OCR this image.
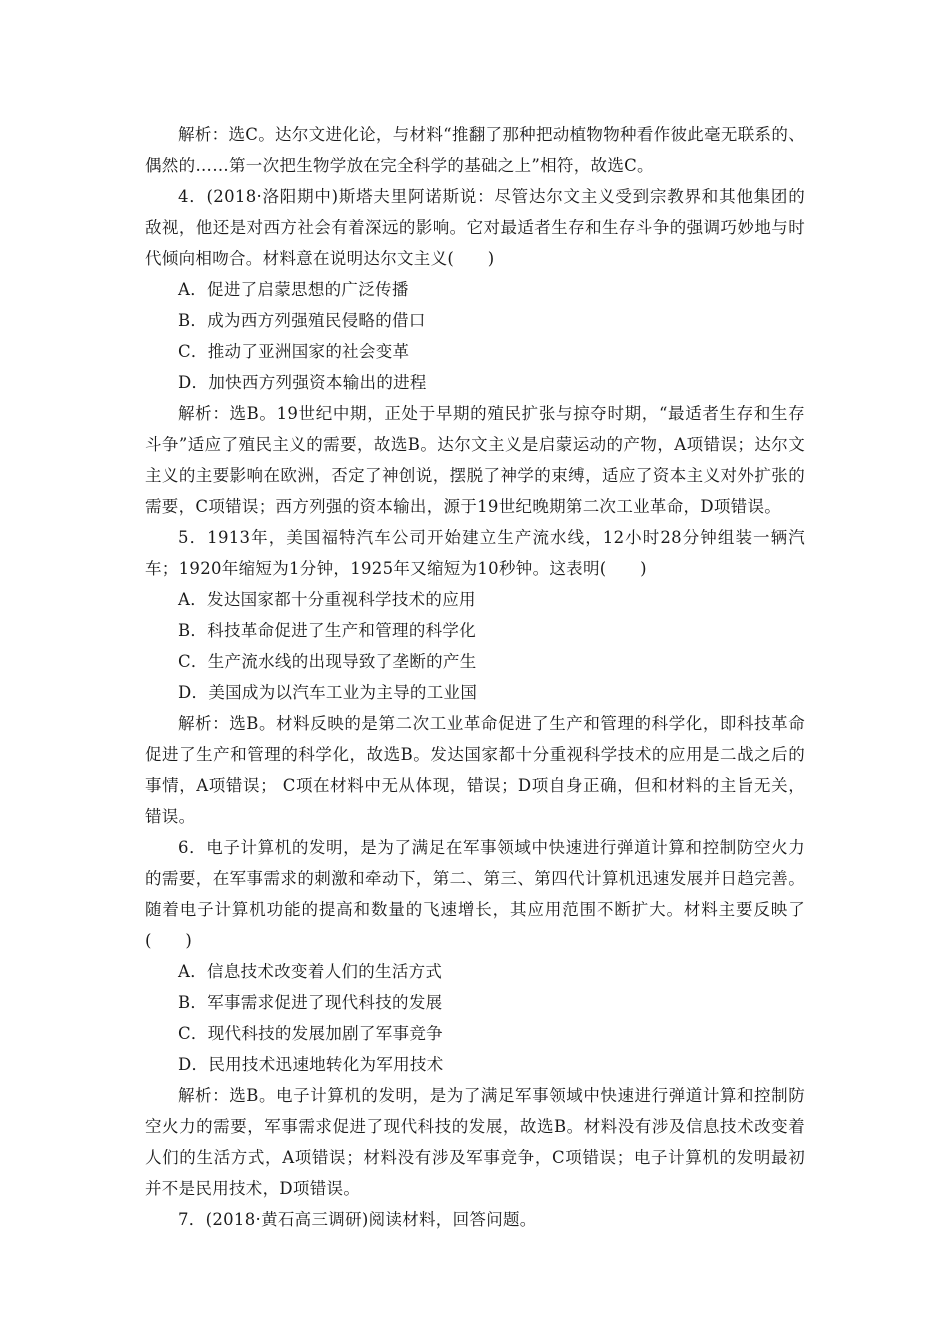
解析：选C。达尔文进化论，与材料“推翻了那种把动植物物种看作彼此毫无联系的、偶然的……第一次把生物学放在完全科学的基础之上”相符，故选C。

4．(2018·洛阳期中)斯塔夫里阿诺斯说：尽管达尔文主义受到宗教界和其他集团的敌视，他还是对西方社会有着深远的影响。它对最适者生存和生存斗争的强调巧妙地与时代倾向相吻合。材料意在说明达尔文主义(　　)

A．促进了启蒙思想的广泛传播

B．成为西方列强殖民侵略的借口

C．推动了亚洲国家的社会变革

D．加快西方列强资本输出的进程

解析：选B。19世纪中期，正处于早期的殖民扩张与掠夺时期，“最适者生存和生存斗争”适应了殖民主义的需要，故选B。达尔文主义是启蒙运动的产物，A项错误；达尔文主义的主要影响在欧洲，否定了神创说，摆脱了神学的束缚，适应了资本主义对外扩张的需要，C项错误；西方列强的资本输出，源于19世纪晚期第二次工业革命，D项错误。

5．1913年，美国福特汽车公司开始建立生产流水线，12小时28分钟组装一辆汽车；1920年缩短为1分钟，1925年又缩短为10秒钟。这表明(　　)

A．发达国家都十分重视科学技术的应用

B．科技革命促进了生产和管理的科学化

C．生产流水线的出现导致了垄断的产生

D．美国成为以汽车工业为主导的工业国

解析：选B。材料反映的是第二次工业革命促进了生产和管理的科学化，即科技革命促进了生产和管理的科学化，故选B。发达国家都十分重视科学技术的应用是二战之后的事情，A项错误； C项在材料中无从体现，错误；D项自身正确，但和材料的主旨无关，错误。

6．电子计算机的发明，是为了满足在军事领域中快速进行弹道计算和控制防空火力的需要，在军事需求的刺激和牵动下，第二、第三、第四代计算机迅速发展并日趋完善。随着电子计算机功能的提高和数量的飞速增长，其应用范围不断扩大。材料主要反映了(　　)

A．信息技术改变着人们的生活方式

B．军事需求促进了现代科技的发展

C．现代科技的发展加剧了军事竞争

D．民用技术迅速地转化为军用技术

解析：选B。电子计算机的发明，是为了满足军事领域中快速进行弹道计算和控制防空火力的需要，军事需求促进了现代科技的发展，故选B。材料没有涉及信息技术改变着人们的生活方式，A项错误；材料没有涉及军事竞争，C项错误；电子计算机的发明最初并不是民用技术，D项错误。

7．(2018·黄石高三调研)阅读材料，回答问题。
